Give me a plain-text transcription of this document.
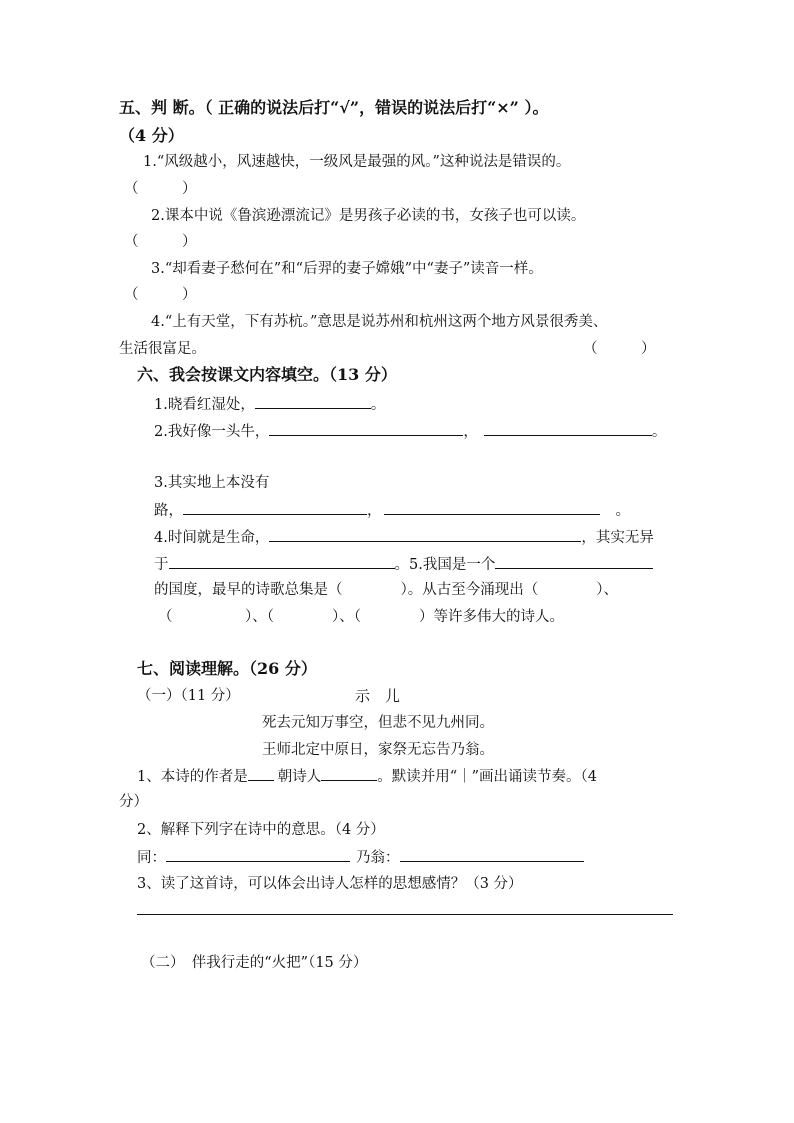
五、判 断。（ 正确的说法后打“√”，错误的说法后打“×” ）。
（4 分）
1.“风级越小，风速越快，一级风是最强的风。”这种说法是错误的。
（　　　）
2.课本中说《鲁滨逊漂流记》是男孩子必读的书，女孩子也可以读。
（　　　）
3.“却看妻子愁何在”和“后羿的妻子嫦娥”中“妻子”读音一样。
（　　　）
4.“上有天堂，下有苏杭。”意思是说苏州和杭州这两个地方风景很秀美、
生活很富足。	（　　　）
六、我会按课文内容填空。（13 分）
1.晓看红湿处，	。
2.我好像一头牛，	，	。
3.其实地上本没有
路，	，	。
4.时间就是生命，	，其实无异
于	。5.我国是一个
的国度，最早的诗歌总集是（　　　　）。从古至今涌现出（　　　　）、
（　　　　　）、（　　　　）、（　　　　）等许多伟大的诗人。
七、阅读理解。（26 分）
（一）（11 分）	示　儿
死去元知万事空，但悲不见九州同。
王师北定中原日，家祭无忘告乃翁。
1、本诗的作者是 朝诗人	。默读并用“｜”画出诵读节奏。（4
分）
2、解释下列字在诗中的意思。（4 分）
同：	乃翁：
3、读了这首诗，可以体会出诗人怎样的思想感情？（3 分）
（二）　伴我行走的“火把”（15 分）
